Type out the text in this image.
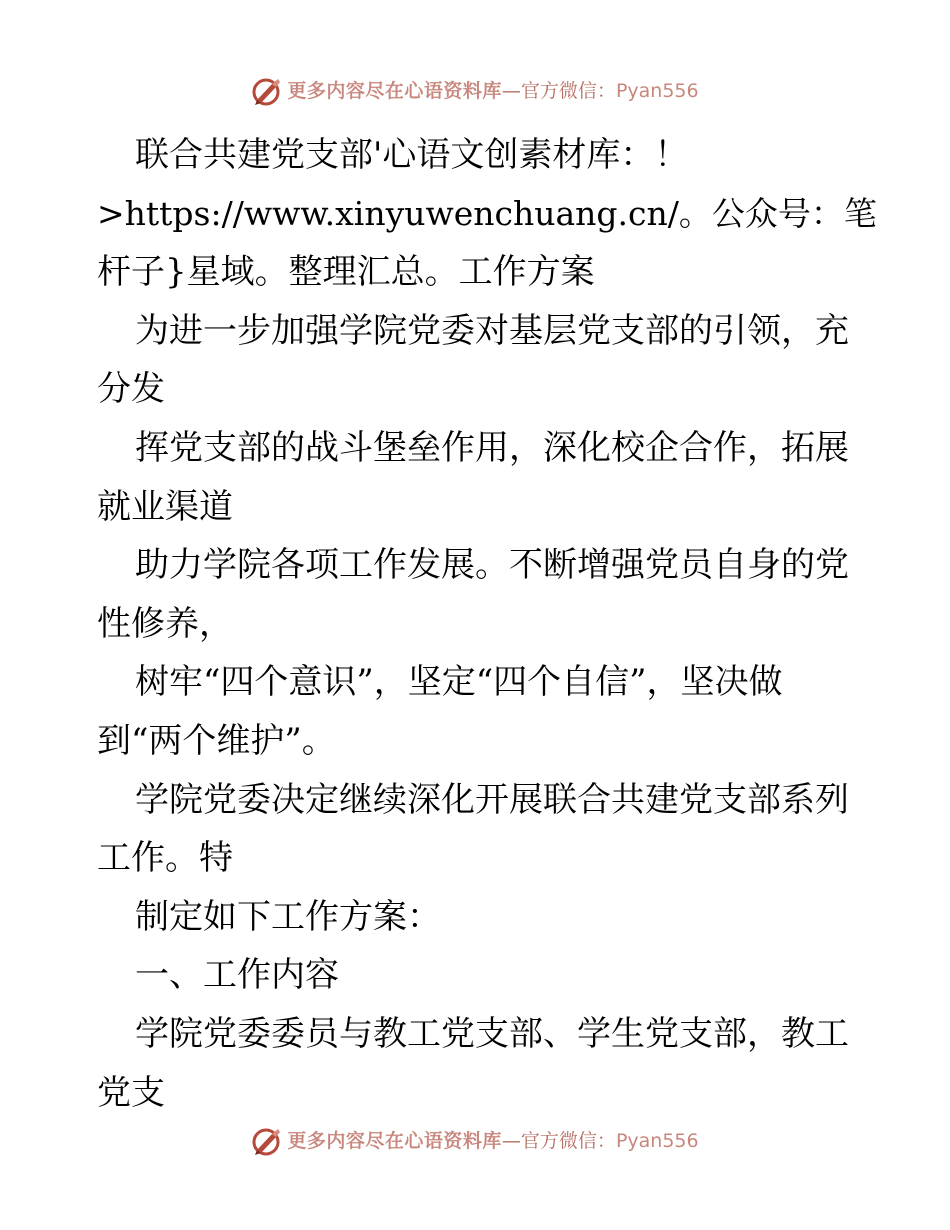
更多内容尽在心语资料库 — 官方微信： Pyan556
联合共建党支部'心语文创素材库：！
>https://www.xinyuwenchuang.cn/。公众号：笔
杆子}星域。整理汇总。工作方案
为进一步加强学院党委对基层党支部的引领，充
分发
挥党支部的战斗堡垒作用，深化校企合作，拓展
就业渠道
助力学院各项工作发展。不断增强党员自身的党
性修养，
树牢“四个意识”，坚定“四个自信”，坚决做
到“两个维护”。
学院党委决定继续深化开展联合共建党支部系列
工作。特
制定如下工作方案：
一、工作内容
学院党委委员与教工党支部、学生党支部，教工
党支
更多内容尽在心语资料库 — 官方微信： Pyan556
